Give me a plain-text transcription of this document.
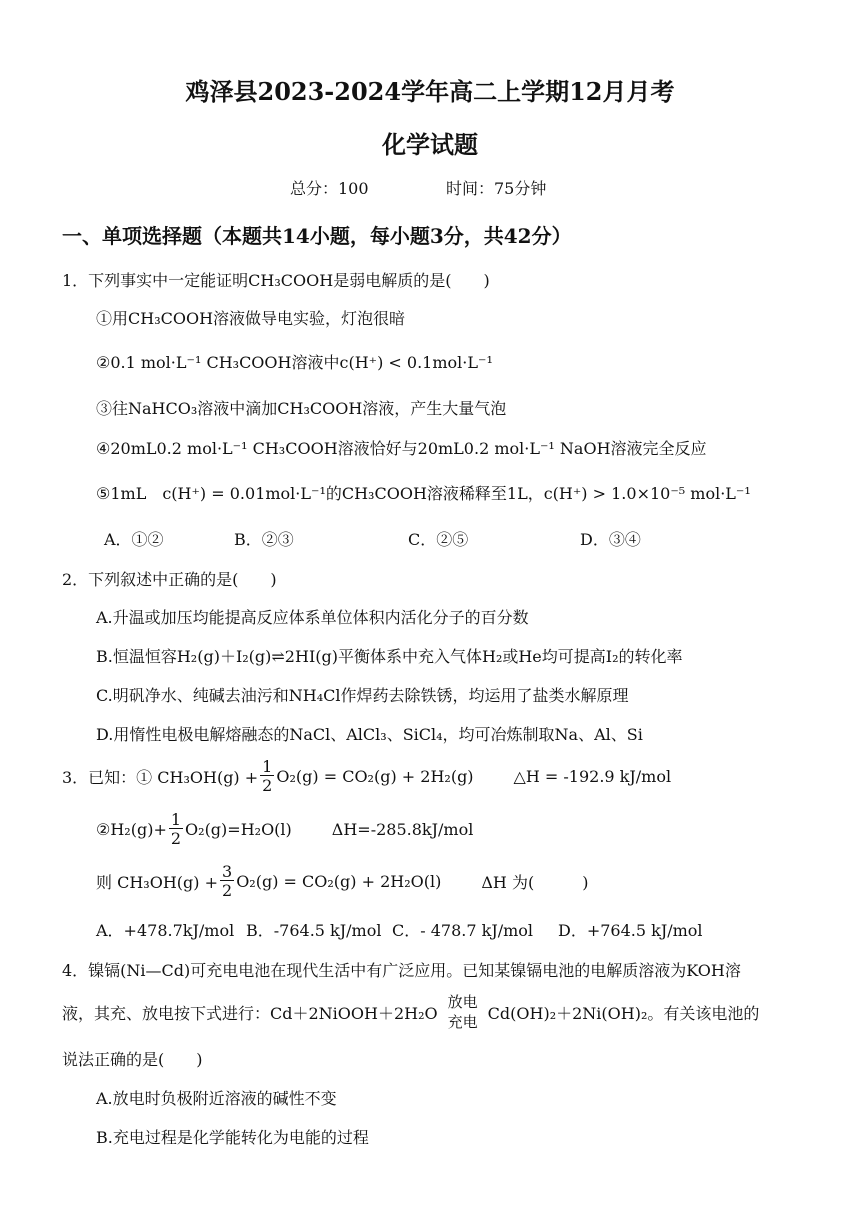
鸡泽县2023-2024学年高二上学期12月月考
化学试题
总分：100	时间：75分钟
一、单项选择题（本题共14小题，每小题3分，共42分）
1．下列事实中一定能证明CH₃COOH是弱电解质的是(　　)
①用CH₃COOH溶液做导电实验，灯泡很暗
②0.1 mol·L⁻¹ CH₃COOH溶液中c(H⁺) < 0.1mol·L⁻¹
③往NaHCO₃溶液中滴加CH₃COOH溶液，产生大量气泡
④20mL0.2 mol·L⁻¹ CH₃COOH溶液恰好与20mL0.2 mol·L⁻¹ NaOH溶液完全反应
⑤1mL　c(H⁺) = 0.01mol·L⁻¹的CH₃COOH溶液稀释至1L，c(H⁺) > 1.0×10⁻⁵ mol·L⁻¹
A．①②	B．②③	C．②⑤	D．③④
2．下列叙述中正确的是(　　)
A.升温或加压均能提高反应体系单位体积内活化分子的百分数
B.恒温恒容H₂(g)＋I₂(g)⇌2HI(g)平衡体系中充入气体H₂或He均可提高I₂的转化率
C.明矾净水、纯碱去油污和NH₄Cl作焊药去除铁锈，均运用了盐类水解原理
D.用惰性电极电解熔融态的NaCl、AlCl₃、SiCl₄，均可冶炼制取Na、Al、Si
3．已知：① $CH_3OH(g) + \frac{1}{2} O_2(g) = CO_2(g) + 2H_2(g)$	△H = -192.9 kJ/mol
②H₂(g)+ $\frac{1}{2} O_2(g)=H_2O(l)$	ΔH=-285.8kJ/mol
则 $CH_3OH(g) + \frac{3}{2} O_2(g) = CO_2(g) + 2H_2O(l)$	ΔH 为(　　　)
A．+478.7kJ/mol B．-764.5 kJ/mol C．- 478.7 kJ/mol D．+764.5 kJ/mol
4．镍镉(Ni—Cd)可充电电池在现代生活中有广泛应用。已知某镍镉电池的电解质溶液为KOH溶
液，其充、放电按下式进行：Cd＋2NiOOH＋2H₂O
放电
充电 Cd(OH)₂＋2Ni(OH)₂。有关该电池的
说法正确的是(　　)
A.放电时负极附近溶液的碱性不变
B.充电过程是化学能转化为电能的过程
